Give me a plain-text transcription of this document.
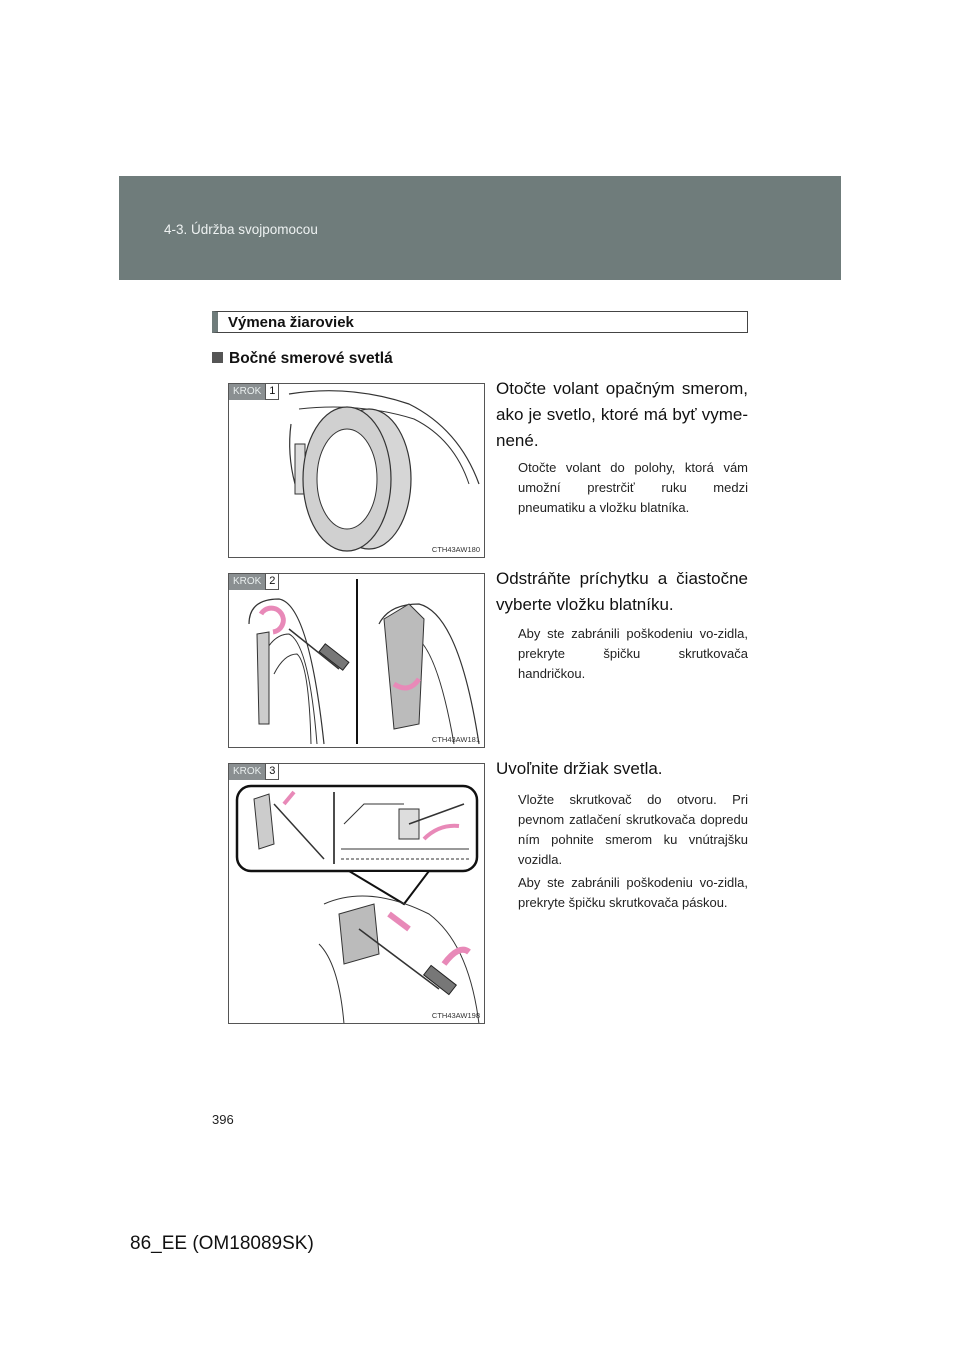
4-3. Údržba svojpomocou
Výmena žiaroviek
Bočné smerové svetlá
KROK 1
CTH43AW180
Otočte volant opačným smerom, ako je svetlo, ktoré má byť vyme-nené.
Otočte volant do polohy, ktorá vám umožní prestrčiť ruku medzi pneumatiku a vložku blatníka.
KROK 2
CTH43AW181
Odstráňte príchytku a čiastočne vyberte vložku blatníku.
Aby ste zabránili poškodeniu vo-zidla, prekryte špičku skrutkovača handričkou.
KROK 3
CTH43AW198
Uvoľnite držiak svetla.
Vložte skrutkovač do otvoru. Pri pevnom zatlačení skrutkovača dopredu ním pohnite smerom ku vnútrajšku vozidla.
Aby ste zabránili poškodeniu vo-zidla, prekryte špičku skrutkovača páskou.
396
86_EE (OM18089SK)
